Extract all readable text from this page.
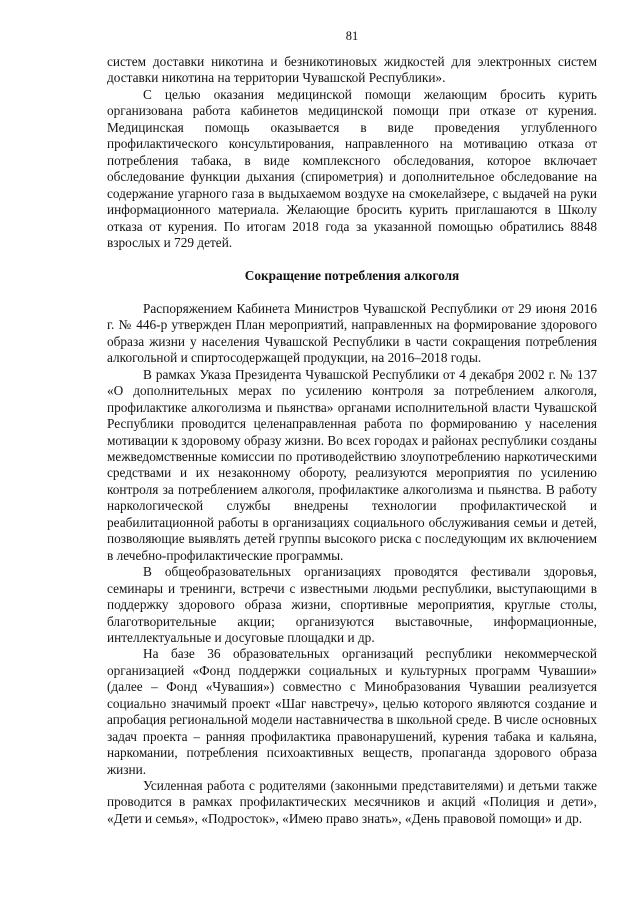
81

систем доставки никотина и безникотиновых жидкостей для электронных систем доставки никотина на территории Чувашской Республики».

С целью оказания медицинской помощи желающим бросить курить организована работа кабинетов медицинской помощи при отказе от курения. Медицинская помощь оказывается в виде проведения углубленного профилактического консультирования, направленного на мотивацию отказа от потребления табака, в виде комплексного обследования, которое включает обследование функции дыхания (спирометрия) и дополнительное обследование на содержание угарного газа в выдыхаемом воздухе на смокелайзере, с выдачей на руки информационного материала. Желающие бросить курить приглашаются в Школу отказа от курения. По итогам 2018 года за указанной помощью обратились 8848 взрослых и 729 детей.

Сокращение потребления алкоголя

Распоряжением Кабинета Министров Чувашской Республики от 29 июня 2016 г. № 446-р утвержден План мероприятий, направленных на формирование здорового образа жизни у населения Чувашской Республики в части сокращения потребления алкогольной и спиртосодержащей продукции, на 2016–2018 годы.

В рамках Указа Президента Чувашской Республики от 4 декабря 2002 г. № 137 «О дополнительных мерах по усилению контроля за потреблением алкоголя, профилактике алкоголизма и пьянства» органами исполнительной власти Чувашской Республики проводится целенаправленная работа по формированию у населения мотивации к здоровому образу жизни. Во всех городах и районах республики созданы межведомственные комиссии по противодействию злоупотреблению наркотическими средствами и их незаконному обороту, реализуются мероприятия по усилению контроля за потреблением алкоголя, профилактике алкоголизма и пьянства. В работу наркологической службы внедрены технологии профилактической и реабилитационной работы в организациях социального обслуживания семьи и детей, позволяющие выявлять детей группы высокого риска с последующим их включением в лечебно-профилактические программы.

В общеобразовательных организациях проводятся фестивали здоровья, семинары и тренинги, встречи с известными людьми республики, выступающими в поддержку здорового образа жизни, спортивные мероприятия, круглые столы, благотворительные акции; организуются выставочные, информационные, интеллектуальные и досуговые площадки и др.

На базе 36 образовательных организаций республики некоммерческой организацией «Фонд поддержки социальных и культурных программ Чувашии» (далее – Фонд «Чувашия») совместно с Минобразования Чувашии реализуется социально значимый проект «Шаг навстречу», целью которого являются создание и апробация региональной модели наставничества в школьной среде. В числе основных задач проекта – ранняя профилактика правонарушений, курения табака и кальяна, наркомании, потребления психоактивных веществ, пропаганда здорового образа жизни.

Усиленная работа с родителями (законными представителями) и детьми также проводится в рамках профилактических месячников и акций «Полиция и дети», «Дети и семья», «Подросток», «Имею право знать», «День правовой помощи» и др.
